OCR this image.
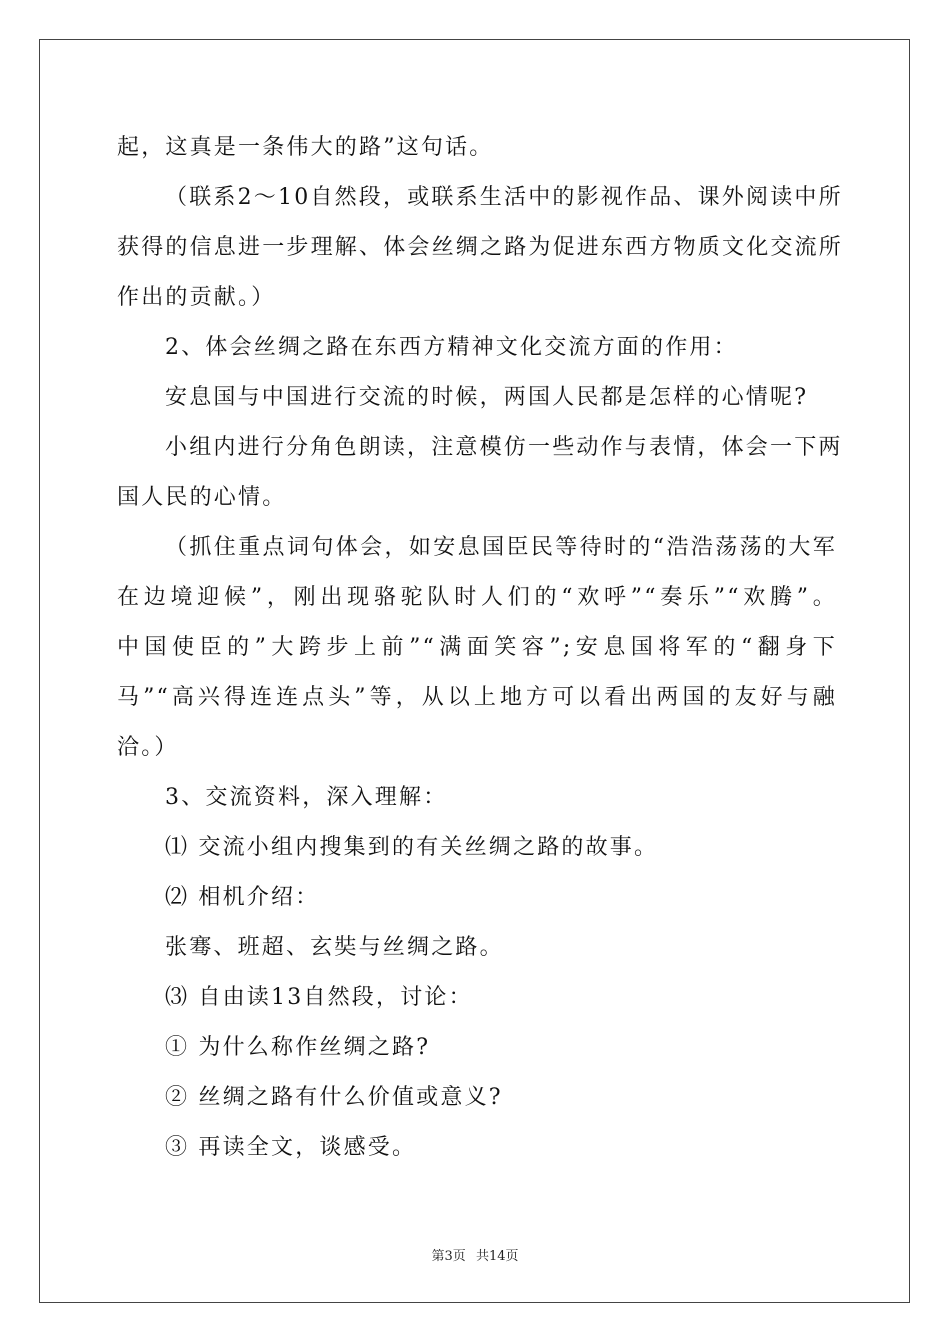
起，这真是一条伟大的路”这句话。
（联系2～10自然段，或联系生活中的影视作品、课外阅读中所
获得的信息进一步理解、体会丝绸之路为促进东西方物质文化交流所
作出的贡献。）
2、体会丝绸之路在东西方精神文化交流方面的作用：
安息国与中国进行交流的时候，两国人民都是怎样的心情呢?
小组内进行分角色朗读，注意模仿一些动作与表情，体会一下两
国人民的心情。
（抓住重点词句体会，如安息国臣民等待时的“浩浩荡荡的大军
在边境迎候”，刚出现骆驼队时人们的“欢呼”“奏乐”“欢腾”。
中国使臣的”大跨步上前”“满面笑容”;安息国将军的“翻身下
马”“高兴得连连点头”等，从以上地方可以看出两国的友好与融
洽。）
3、交流资料，深入理解：
⑴ 交流小组内搜集到的有关丝绸之路的故事。
⑵ 相机介绍：
张骞、班超、玄奘与丝绸之路。
⑶ 自由读13自然段，讨论：
① 为什么称作丝绸之路?
② 丝绸之路有什么价值或意义?
③ 再读全文，谈感受。
第3页 共14页
